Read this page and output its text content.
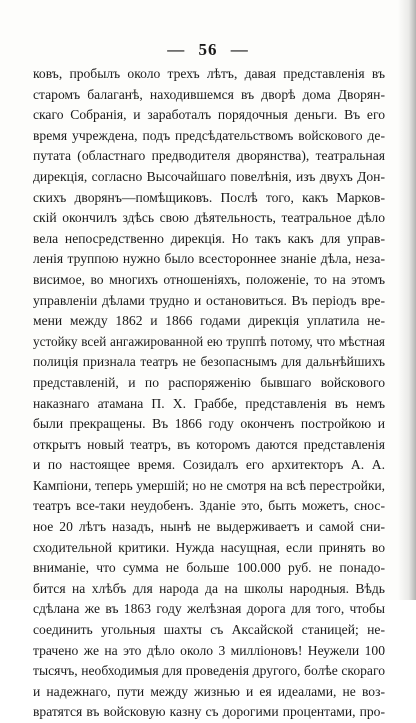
— 56 —
ковъ, пробылъ около трехъ лѣтъ, давая представленія въ
старомъ балаганѣ, находившемся въ дворѣ дома Дворян-
скаго Собранія, и заработалъ порядочныя деньги. Въ его
время учреждена, подъ предсѣдательствомъ войскового де-
путата (областнаго предводителя дворянства), театральная
дирекція, согласно Высочайшаго повелѣнія, изъ двухъ Дон-
скихъ дворянъ—помѣщиковъ. Послѣ того, какъ Марков-
скій окончилъ здѣсь свою дѣятельность, театральное дѣло
велa непосредственно дирекція. Но такъ какъ для управ-
ленія труппою нужно было всестороннее знаніе дѣла, неза-
висимое, во многихъ отношеніяхъ, положеніе, то на этомъ
управленіи дѣлами трудно и остановиться. Въ періодъ вре-
мени между 1862 и 1866 годами дирекція уплатила не-
устойку всей ангажированной ею труппѣ потому, что мѣстная
полиція признала театръ не безопаснымъ для дальнѣйшихъ
представленій, и по распоряженію бывшаго войскового
наказнаго атамана П. Х. Граббе, представленія въ немъ
были прекращены. Въ 1866 году оконченъ постройкою и
открытъ новый театръ, въ которомъ даются представленія
и по настоящее время. Созидалъ его архитекторъ А. А.
Кампіони, теперь умершій; но не смотря на всѣ перестройки,
театръ все-таки неудобенъ. Зданіе это, быть можетъ, снос-
ное 20 лѣтъ назадъ, нынѣ не выдерживаетъ и самой сни-
сходительной критики. Нужда насущная, если принять во
вниманіе, что сумма не больше 100.000 руб. не понадо-
бится на хлѣбъ для народа да на школы народныя. Вѣдь
сдѣлана же въ 1863 году желѣзная дорога для того, чтобы
соединить угольныя шахты съ Аксайской станицей; не-
трачено же на это дѣло около 3 милліоновъ! Неужели 100
тысячъ, необходимыя для проведенія другого, болѣе скораго
и надежнаго, пути между жизнью и ея идеалами, не воз-
вратятся въ войсковую казну съ дорогими процентами, про-
